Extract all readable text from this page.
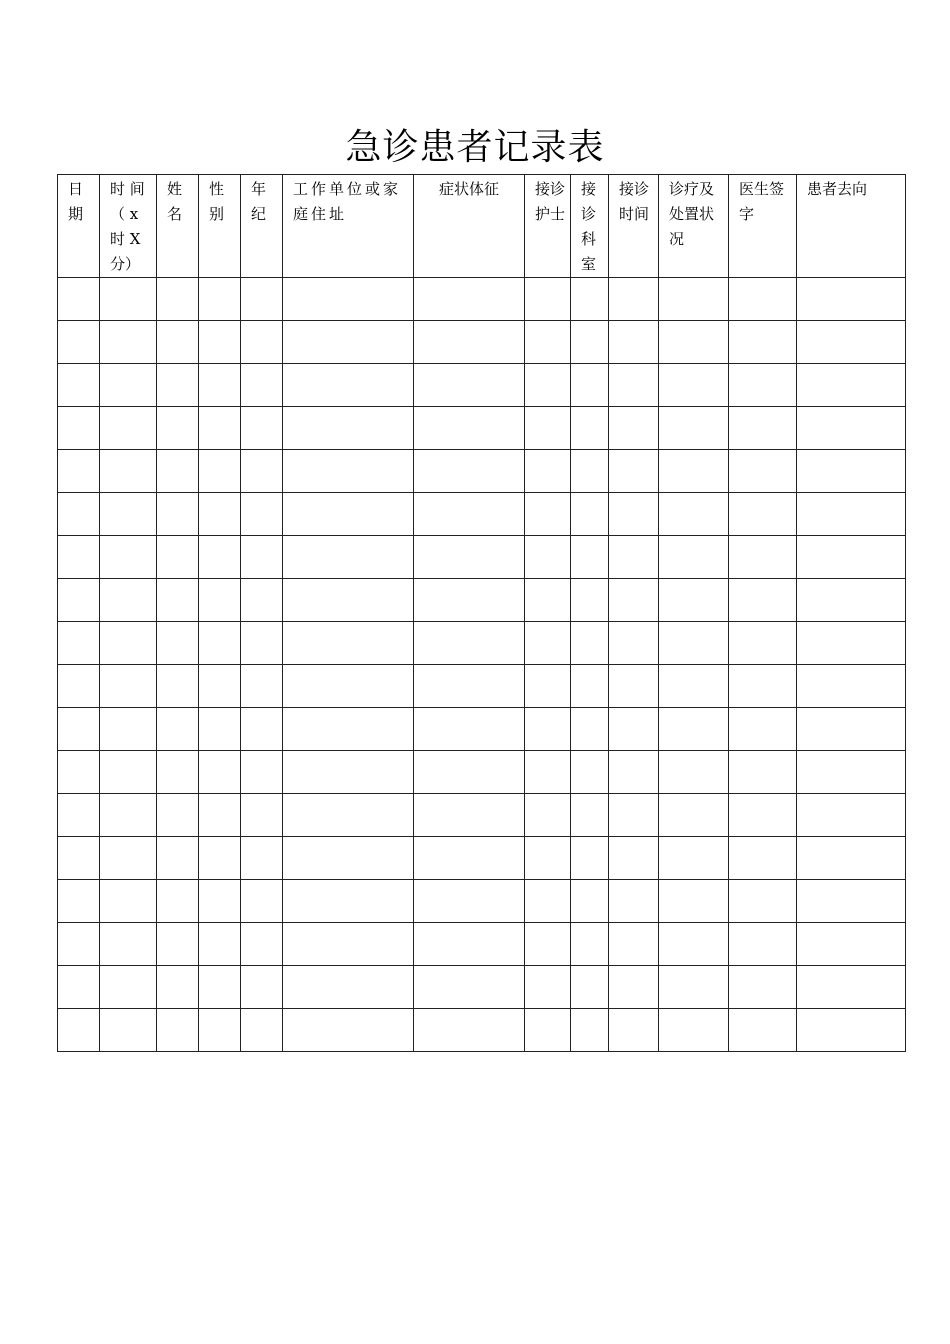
急诊患者记录表
日期	时 间 （ x 时 X 分）	姓名	性别	年纪	工作单位或家庭住址	症状体征	接诊护士	接诊科室	接诊时间	诊疗及处置状况	医生签字	患者去向
